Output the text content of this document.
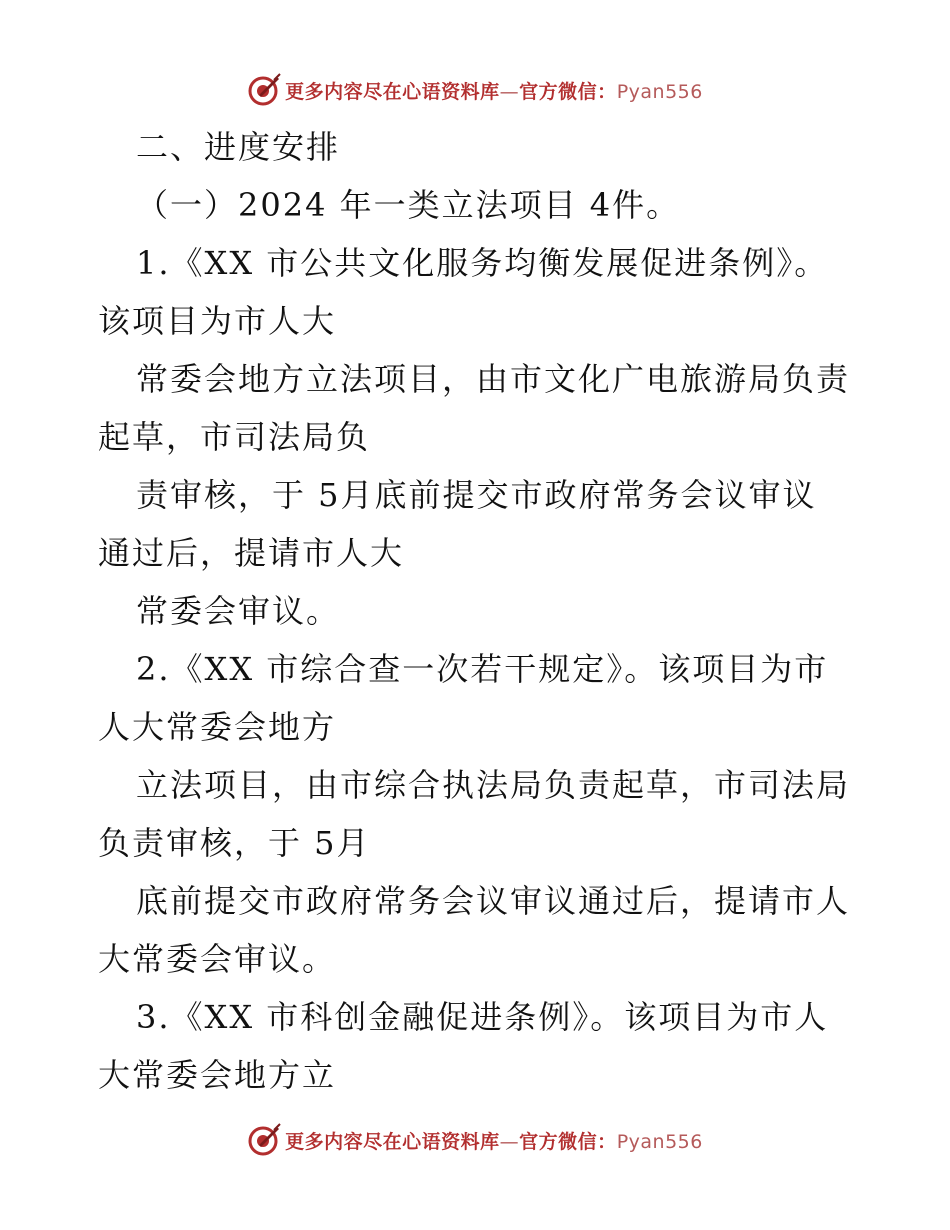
更多内容尽在心语资料库—官方微信：Pyan556
二、进度安排
（一）2024 年一类立法项目 4件。
1.《XX 市公共文化服务均衡发展促进条例》。
该项目为市人大
常委会地方立法项目，由市文化广电旅游局负责
起草，市司法局负
责审核，于 5月底前提交市政府常务会议审议
通过后，提请市人大
常委会审议。
2.《XX 市综合查一次若干规定》。该项目为市
人大常委会地方
立法项目，由市综合执法局负责起草，市司法局
负责审核，于 5月
底前提交市政府常务会议审议通过后，提请市人
大常委会审议。
3.《XX 市科创金融促进条例》。该项目为市人
大常委会地方立
更多内容尽在心语资料库—官方微信：Pyan556
